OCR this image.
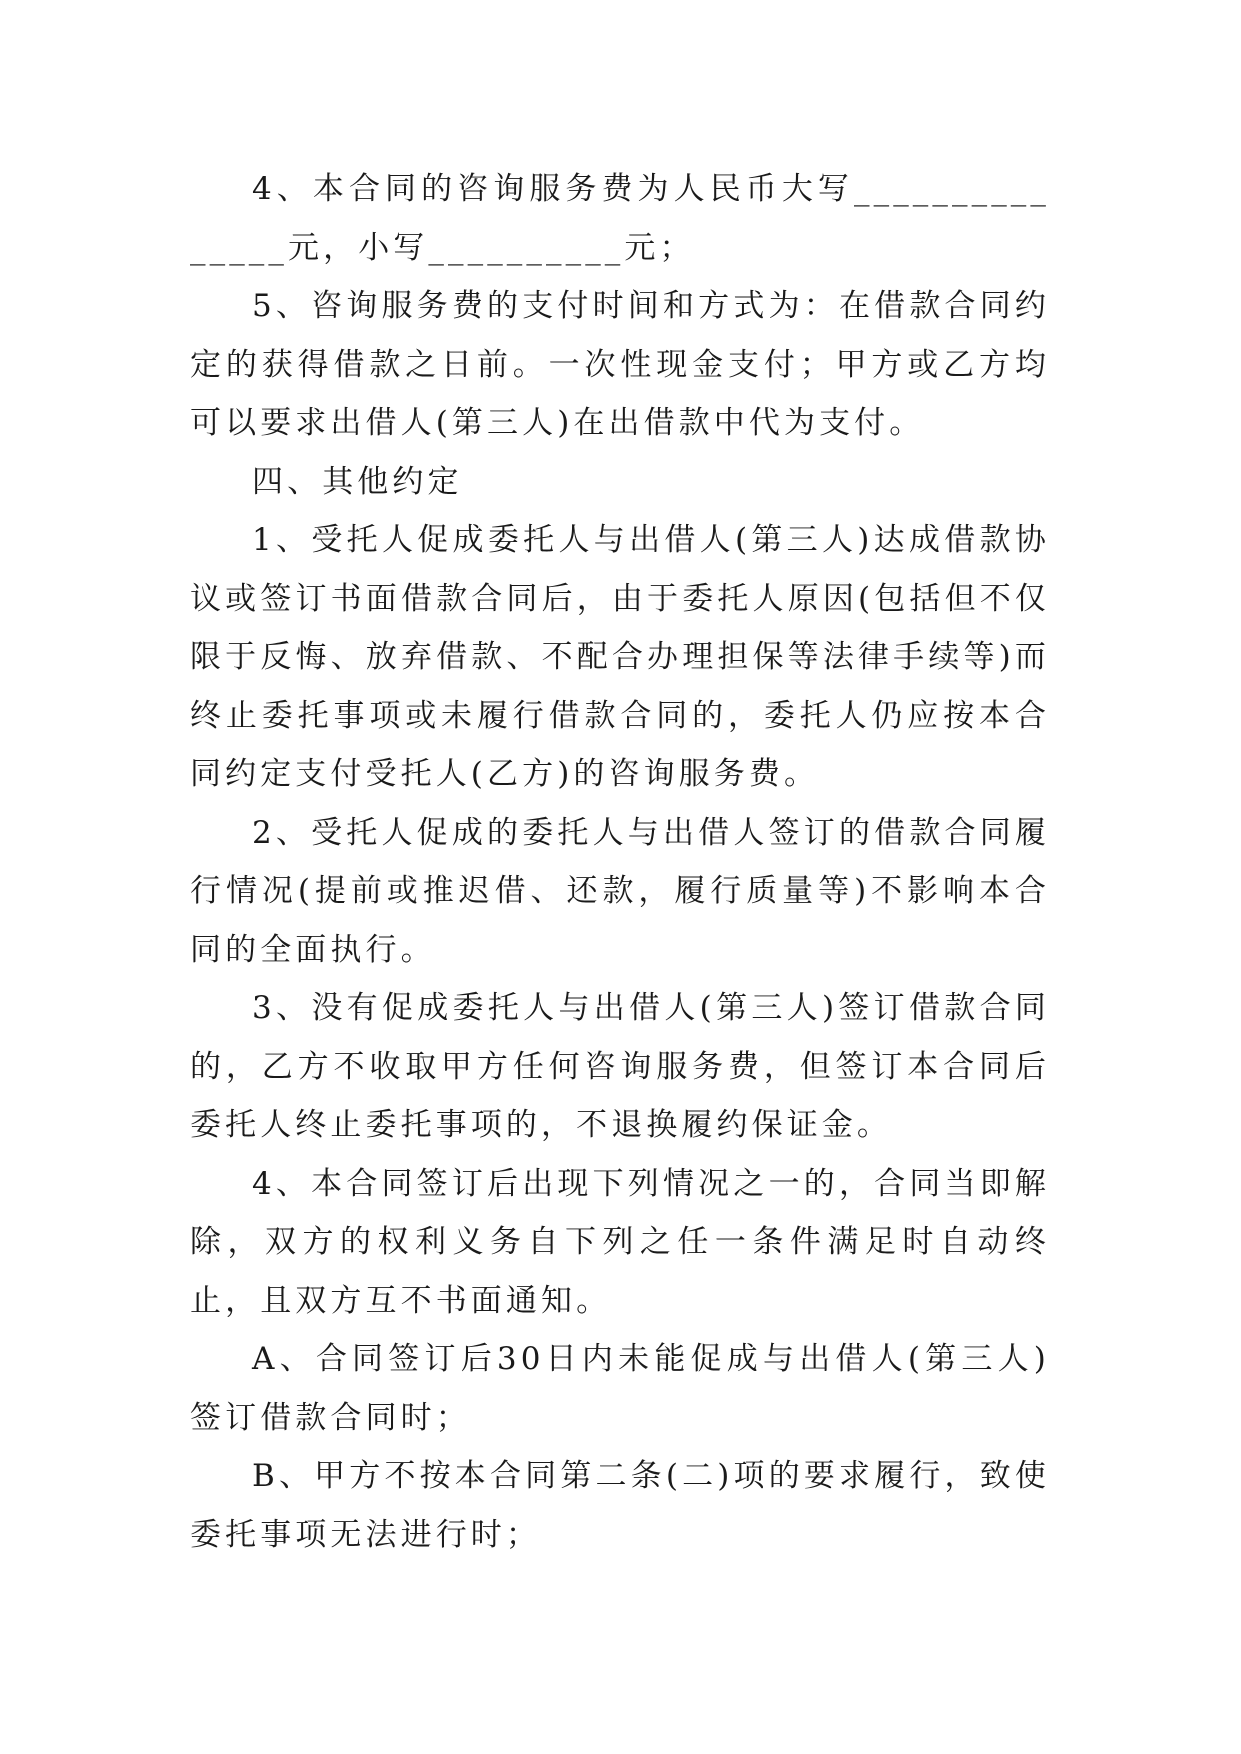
4、本合同的咨询服务费为人民币大写_______________元，小写__________元；

5、咨询服务费的支付时间和方式为：在借款合同约定的获得借款之日前。一次性现金支付；甲方或乙方均可以要求出借人(第三人)在出借款中代为支付。

四、其他约定

1、受托人促成委托人与出借人(第三人)达成借款协议或签订书面借款合同后，由于委托人原因(包括但不仅限于反悔、放弃借款、不配合办理担保等法律手续等)而终止委托事项或未履行借款合同的，委托人仍应按本合同约定支付受托人(乙方)的咨询服务费。

2、受托人促成的委托人与出借人签订的借款合同履行情况(提前或推迟借、还款，履行质量等)不影响本合同的全面执行。

3、没有促成委托人与出借人(第三人)签订借款合同的，乙方不收取甲方任何咨询服务费，但签订本合同后委托人终止委托事项的，不退换履约保证金。

4、本合同签订后出现下列情况之一的，合同当即解除，双方的权利义务自下列之任一条件满足时自动终止，且双方互不书面通知。

A、合同签订后30日内未能促成与出借人(第三人)签订借款合同时；

B、甲方不按本合同第二条(二)项的要求履行，致使委托事项无法进行时；
